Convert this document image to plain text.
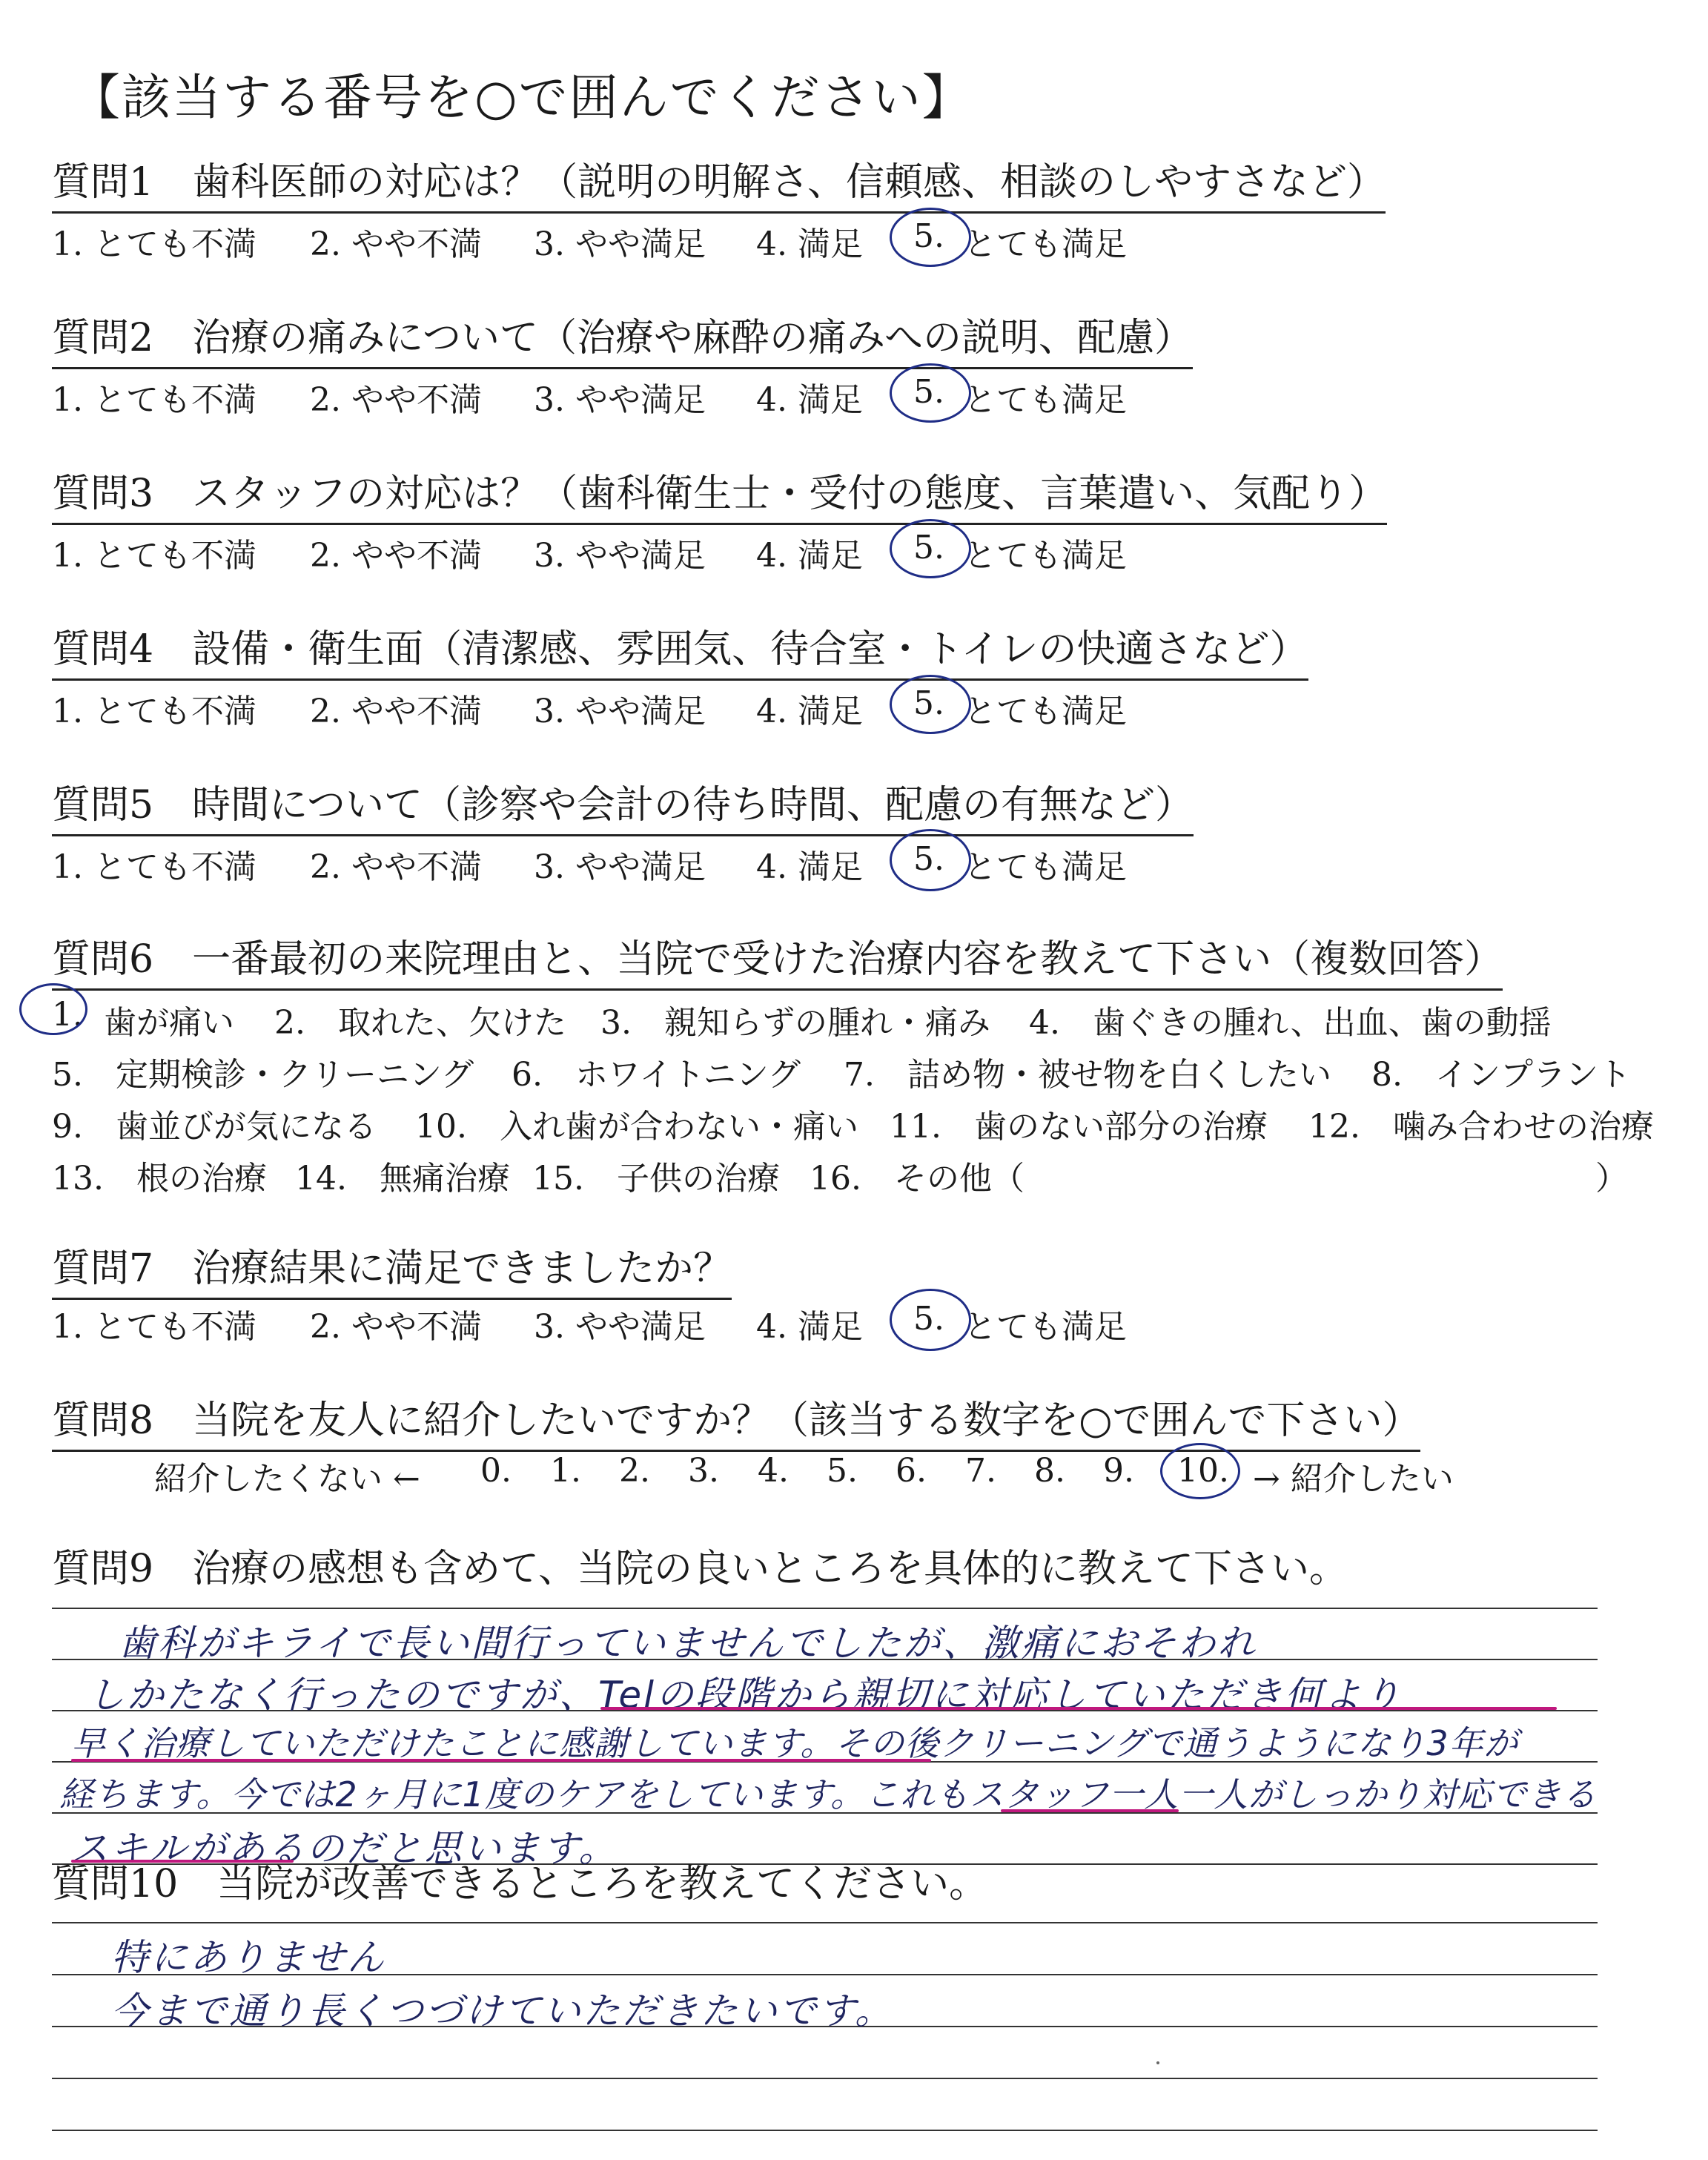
【該当する番号を○で囲んでください】
質問1 歯科医師の対応は？（説明の明解さ、信頼感、相談のしやすさなど）
1. とても不満 2. やや不満 3. やや満足 4. 満足 5. とても満足
質問2 治療の痛みについて（治療や麻酔の痛みへの説明、配慮）
1. とても不満 2. やや不満 3. やや満足 4. 満足 5. とても満足
質問3 スタッフの対応は？（歯科衛生士・受付の態度、言葉遣い、気配り）
1. とても不満 2. やや不満 3. やや満足 4. 満足 5. とても満足
質問4 設備・衛生面（清潔感、雰囲気、待合室・トイレの快適さなど）
1. とても不満 2. やや不満 3. やや満足 4. 満足 5. とても満足
質問5 時間について（診察や会計の待ち時間、配慮の有無など）
1. とても不満 2. やや不満 3. やや満足 4. 満足 5. とても満足
質問6 一番最初の来院理由と、当院で受けた治療内容を教えて下さい（複数回答）
1. 歯が痛い 2.　取れた、欠けた 3.　親知らずの腫れ・痛み 4.　歯ぐきの腫れ、出血、歯の動揺
5.　定期検診・クリーニング 6.　ホワイトニング 7.　詰め物・被せ物を白くしたい 8.　インプラント
9.　歯並びが気になる 10.　入れ歯が合わない・痛い 11.　歯のない部分の治療 12.　噛み合わせの治療
13.　根の治療 14.　無痛治療 15.　子供の治療 16.　その他（	）
質問7 治療結果に満足できましたか？
1. とても不満 2. やや不満 3. やや満足 4. 満足 5. とても満足
質問8 当院を友人に紹介したいですか？（該当する数字を○で囲んで下さい）
紹介したくない ← 0. 1. 2. 3. 4. 5. 6. 7. 8. 9. 10. → 紹介したい
質問9 治療の感想も含めて、当院の良いところを具体的に教えて下さい。
歯科がキライで長い間行っていませんでしたが、激痛におそわれ
しかたなく行ったのですが、Telの段階から親切に対応していただき何より
早く治療していただけたことに感謝しています。その後クリーニングで通うようになり3年が
経ちます。今では2ヶ月に1度のケアをしています。これもスタッフ一人一人がしっかり対応できる
スキルがあるのだと思います。
質問10 当院が改善できるところを教えてください。
特にありません
今まで通り長くつづけていただきたいです。
